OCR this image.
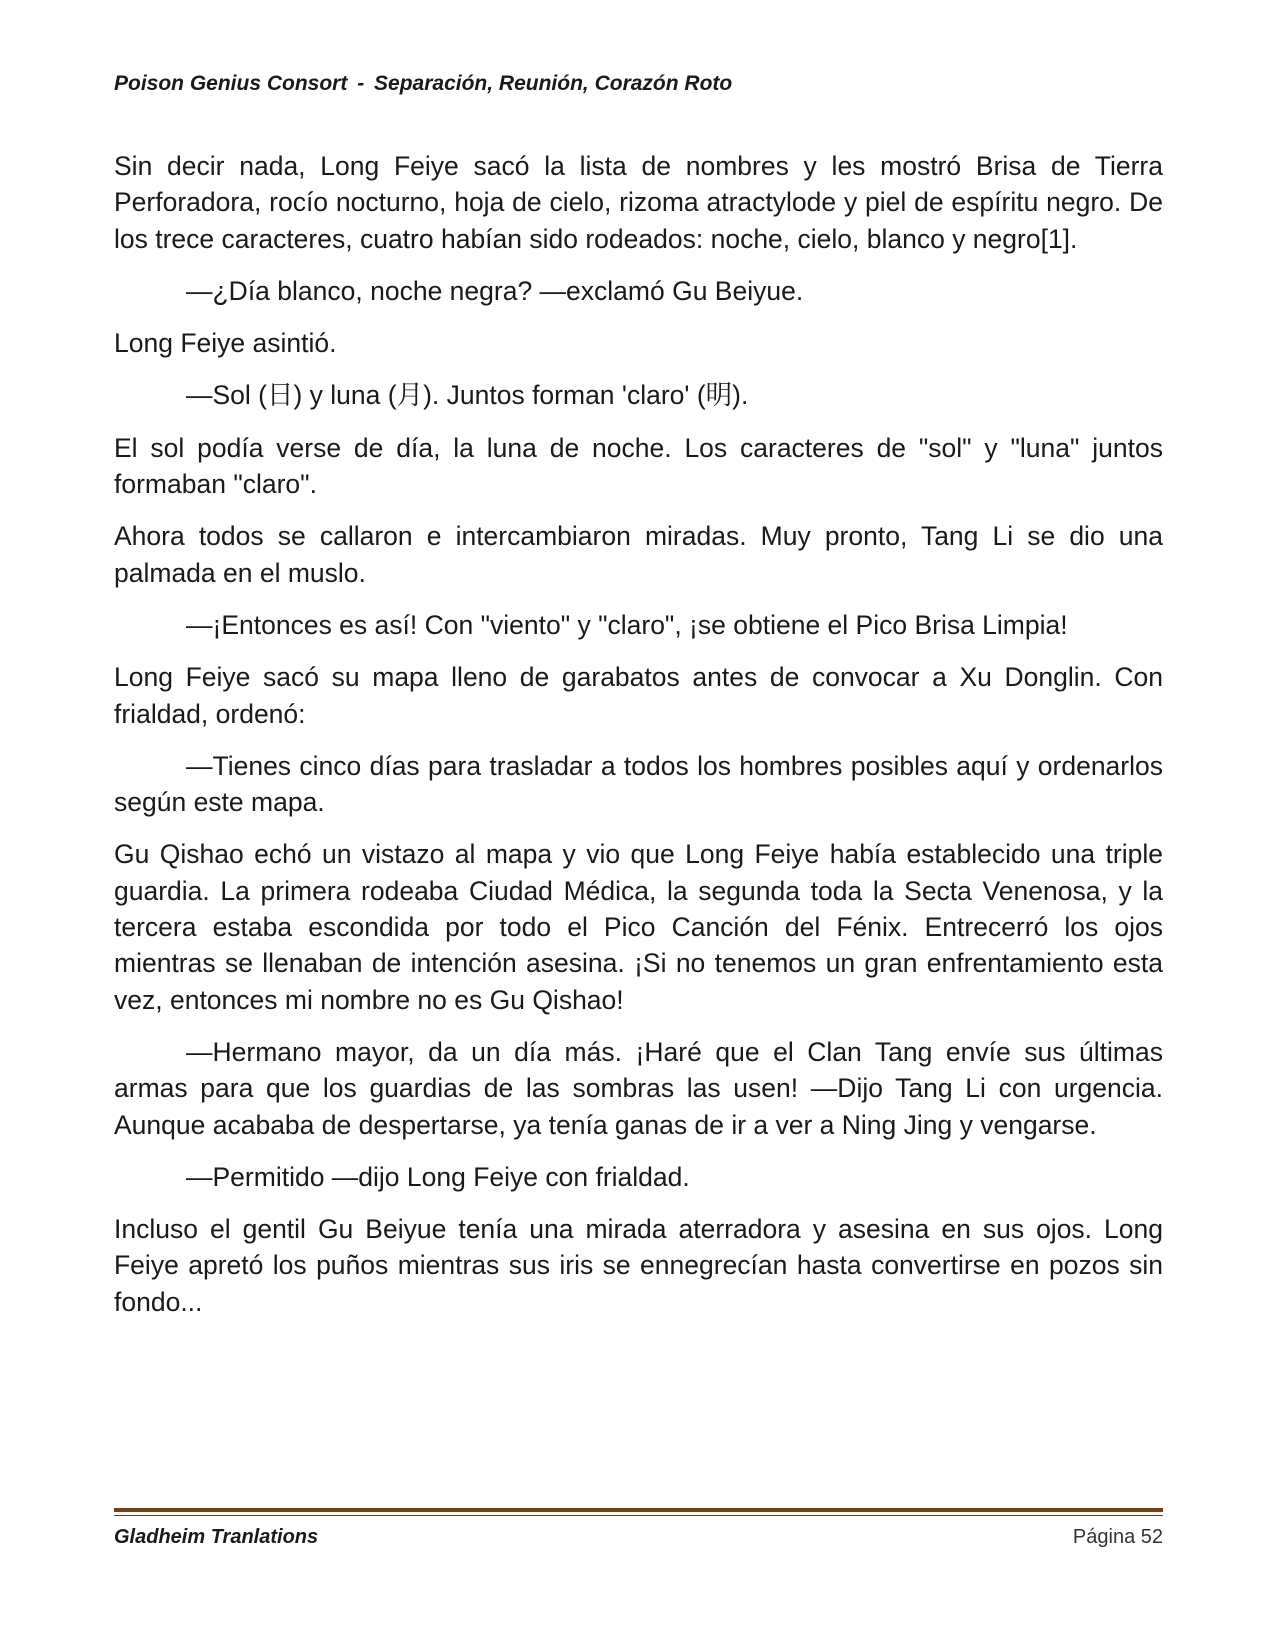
Poison Genius Consort - Separación, Reunión, Corazón Roto

Sin decir nada, Long Feiye sacó la lista de nombres y les mostró Brisa de Tierra Perforadora, rocío nocturno, hoja de cielo, rizoma atractylode y piel de espíritu negro. De los trece caracteres, cuatro habían sido rodeados: noche, cielo, blanco y negro[1].

—¿Día blanco, noche negra? —exclamó Gu Beiyue.

Long Feiye asintió.

—Sol (日) y luna (月). Juntos forman 'claro' (明).

El sol podía verse de día, la luna de noche. Los caracteres de "sol" y "luna" juntos formaban "claro".

Ahora todos se callaron e intercambiaron miradas. Muy pronto, Tang Li se dio una palmada en el muslo.

—¡Entonces es así! Con "viento" y "claro", ¡se obtiene el Pico Brisa Limpia!

Long Feiye sacó su mapa lleno de garabatos antes de convocar a Xu Donglin. Con frialdad, ordenó:

—Tienes cinco días para trasladar a todos los hombres posibles aquí y ordenarlos según este mapa.

Gu Qishao echó un vistazo al mapa y vio que Long Feiye había establecido una triple guardia. La primera rodeaba Ciudad Médica, la segunda toda la Secta Venenosa, y la tercera estaba escondida por todo el Pico Canción del Fénix. Entrecerró los ojos mientras se llenaban de intención asesina. ¡Si no tenemos un gran enfrentamiento esta vez, entonces mi nombre no es Gu Qishao!

—Hermano mayor, da un día más. ¡Haré que el Clan Tang envíe sus últimas armas para que los guardias de las sombras las usen! —Dijo Tang Li con urgencia. Aunque acababa de despertarse, ya tenía ganas de ir a ver a Ning Jing y vengarse.

—Permitido —dijo Long Feiye con frialdad.

Incluso el gentil Gu Beiyue tenía una mirada aterradora y asesina en sus ojos. Long Feiye apretó los puños mientras sus iris se ennegrecían hasta convertirse en pozos sin fondo...

Gladheim Tranlations	Página 52
